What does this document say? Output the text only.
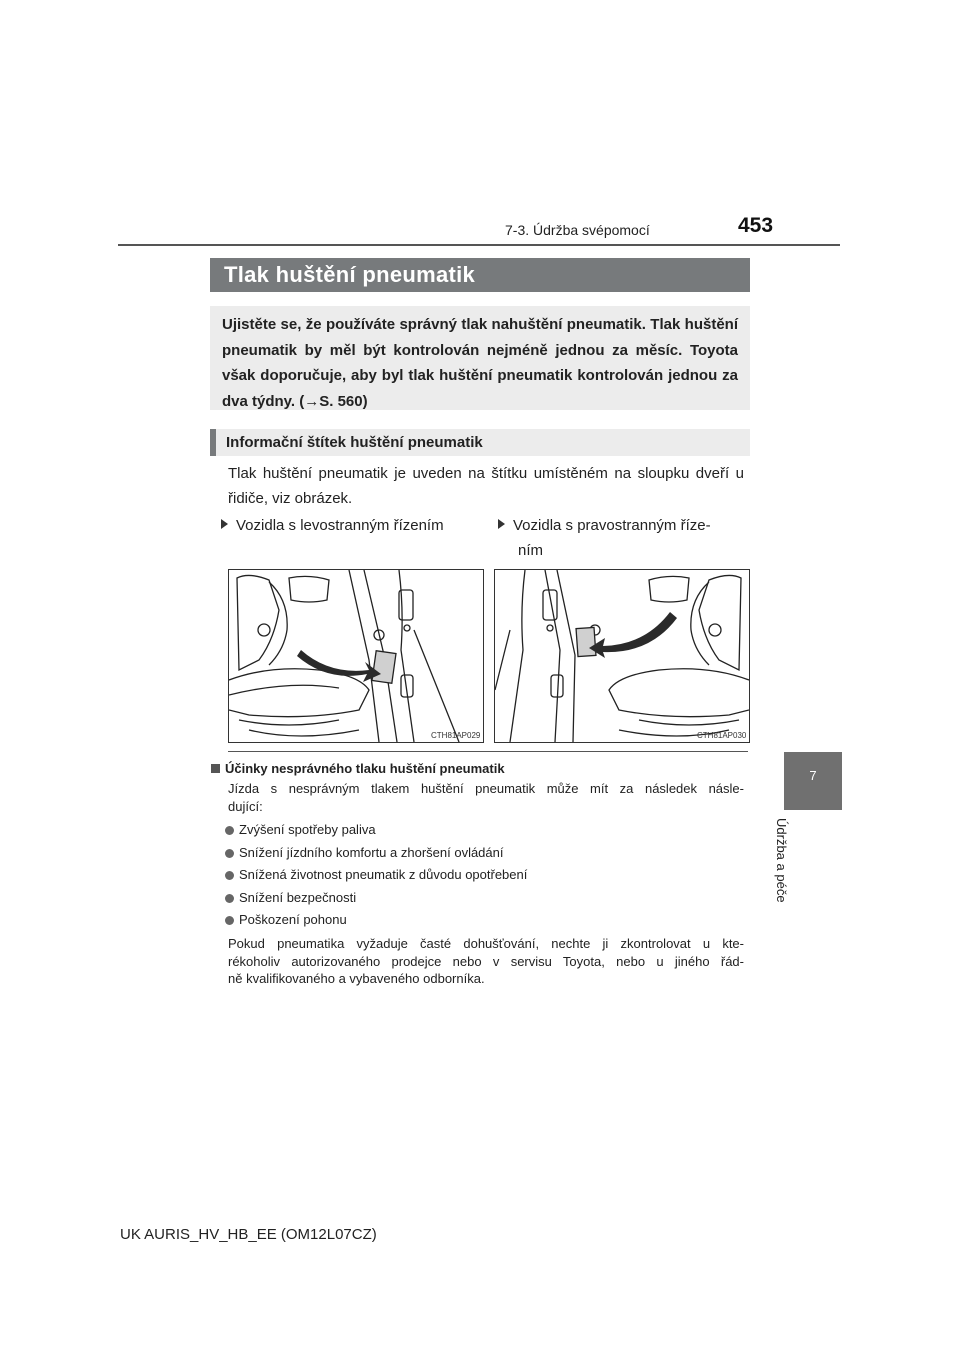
7-3. Údržba svépomocí	453
7
Údržba a péče
Tlak huštění pneumatik
Ujistěte se, že používáte správný tlak nahuštění pneumatik. Tlak huštění pneumatik by měl být kontrolován nejméně jednou za měsíc. Toyota však doporučuje, aby byl tlak huštění pneumatik kontrolován jednou za dva týdny. (→S. 560)
Informační štítek huštění pneumatik
Tlak huštění pneumatik je uveden na štítku umístěném na sloupku dveří u řidiče, viz obrázek.
Vozidla s levostranným řízením	Vozidla s pravostranným říze-
ním
CTH81AP029	CTH81AP030
Účinky nesprávného tlaku huštění pneumatik
Jízda s nesprávným tlakem huštění pneumatik může mít za následek násle-
dující:
Zvýšení spotřeby paliva
Snížení jízdního komfortu a zhoršení ovládání
Snížená životnost pneumatik z důvodu opotřebení
Snížení bezpečnosti
Poškození pohonu
Pokud pneumatika vyžaduje časté dohušťování, nechte ji zkontrolovat u kte-
rékoholiv autorizovaného prodejce nebo v servisu Toyota, nebo u jiného řád-
ně kvalifikovaného a vybaveného odborníka.
UK AURIS_HV_HB_EE (OM12L07CZ)
